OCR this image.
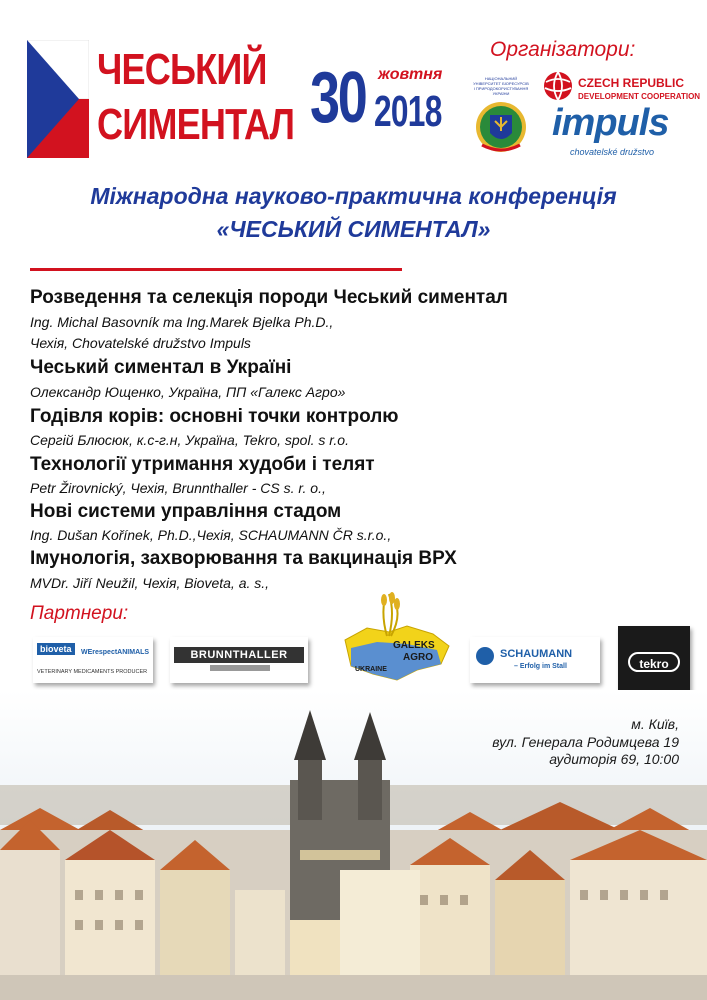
ЧЕСЬКИЙ
СИМЕНТАЛ 30 жовтня
2018
Організатори:
НАЦІОНАЛЬНИЙ
УНІВЕРСИТЕТ БІОРЕСУРСІВ
І ПРИРОДОКОРИСТУВАННЯ
УКРАЇНИ
CZECH REPUBLIC
DEVELOPMENT COOPERATION
impuls
chovatelské družstvo
Міжнародна науково-практична конференція
«ЧЕСЬКИЙ СИМЕНТАЛ»
Розведення та селекція породи Чеський симентал
Ing. Michal Basovník та Ing.Marek Bjelka Ph.D.,
Чехія, Chovatelské družstvo Impuls
Чеський симентал в Україні
Олександр Ющенко, Україна, ПП «Галекс Агро»
Годівля корів: основні точки контролю
Сергій Блюсюк, к.с-г.н, Україна, Tekro, spol. s r.o.
Технології утримання худоби і телят
Petr Žirovnický, Чехія, Brunnthaller - CS s. r. o.,
Нові системи управління стадом
Ing. Dušan Kořínek, Ph.D.,Чехія, SCHAUMANN ČR s.r.o.,
Імунологія, захворювання та вакцинація ВРХ
MVDr. Jiří Neužil, Чехія, Bioveta, a. s.,
Партнери:
bioveta	WErespectANIMALS
VETERINARY MEDICAMENTS PRODUCER
BRUNNTHALLER
GALEKS
AGRO
UKRAINE
SCHAUMANN
– Erfolg im Stall	tekro
м. Київ,
вул. Генерала Родимцева 19
аудиторія 69, 10:00
